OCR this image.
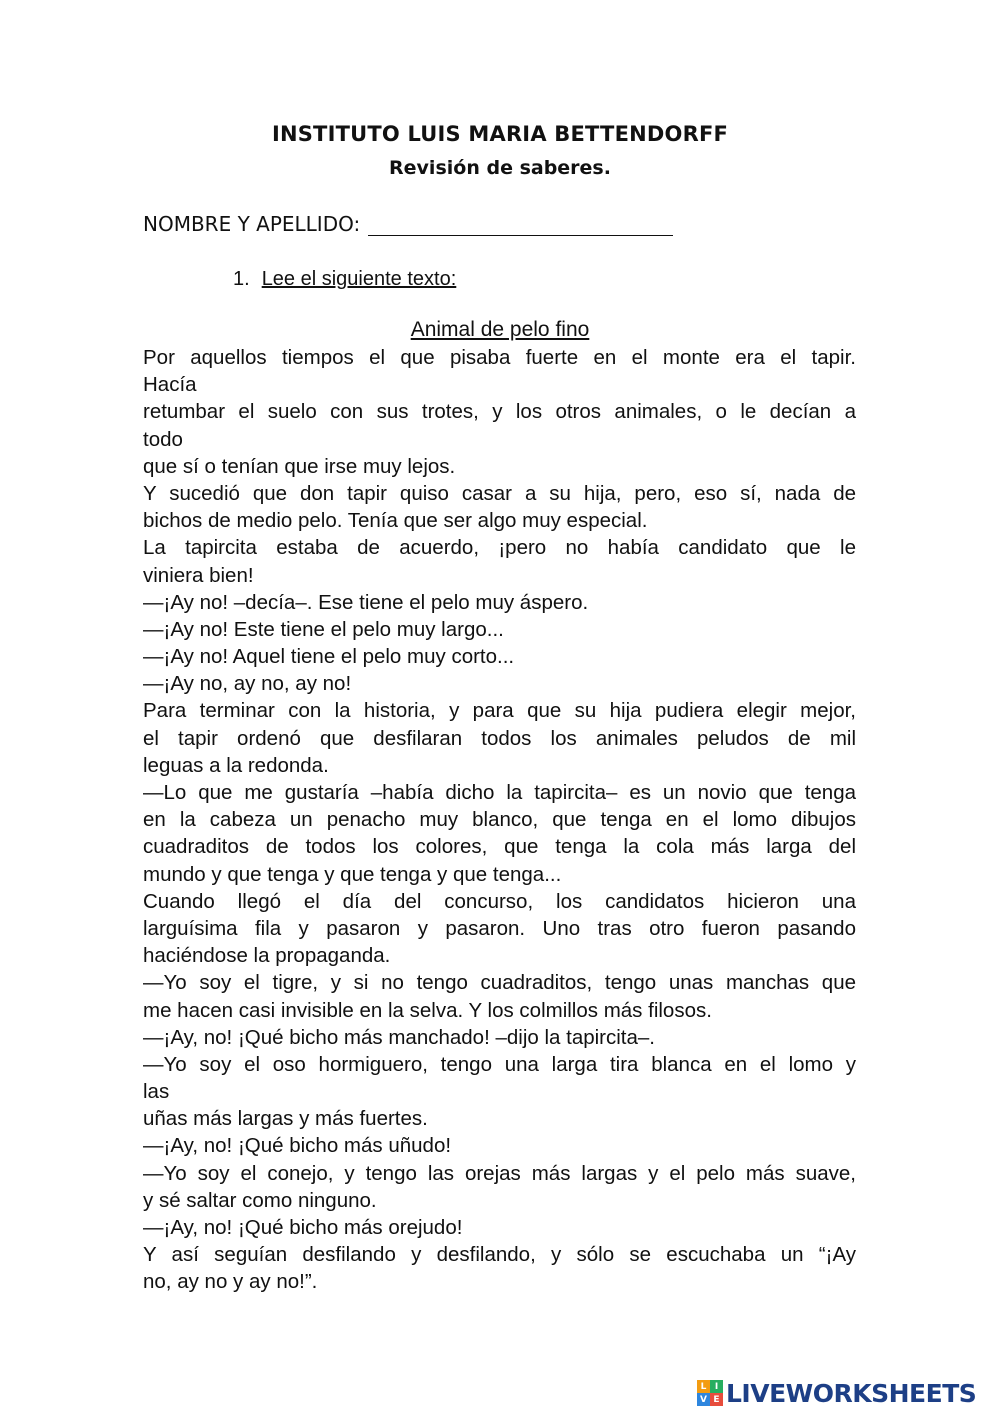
INSTITUTO LUIS MARIA BETTENDORFF
Revisión de saberes.
NOMBRE Y APELLIDO:
1. Lee el siguiente texto:
Animal de pelo fino
Por aquellos tiempos el que pisaba fuerte en el monte era el tapir.
Hacía
retumbar el suelo con sus trotes, y los otros animales, o le decían a
todo
que sí o tenían que irse muy lejos.
Y sucedió que don tapir quiso casar a su hija, pero, eso sí, nada de
bichos de medio pelo. Tenía que ser algo muy especial.
La tapircita estaba de acuerdo, ¡pero no había candidato que le
viniera bien!
—¡Ay no! –decía–. Ese tiene el pelo muy áspero.
—¡Ay no! Este tiene el pelo muy largo...
—¡Ay no! Aquel tiene el pelo muy corto...
—¡Ay no, ay no, ay no!
Para terminar con la historia, y para que su hija pudiera elegir mejor,
el tapir ordenó que desfilaran todos los animales peludos de mil
leguas a la redonda.
—Lo que me gustaría –había dicho la tapircita– es un novio que tenga
en la cabeza un penacho muy blanco, que tenga en el lomo dibujos
cuadraditos de todos los colores, que tenga la cola más larga del
mundo y que tenga y que tenga y que tenga...
Cuando llegó el día del concurso, los candidatos hicieron una
larguísima fila y pasaron y pasaron. Uno tras otro fueron pasando
haciéndose la propaganda.
—Yo soy el tigre, y si no tengo cuadraditos, tengo unas manchas que
me hacen casi invisible en la selva. Y los colmillos más filosos.
—¡Ay, no! ¡Qué bicho más manchado! –dijo la tapircita–.
—Yo soy el oso hormiguero, tengo una larga tira blanca en el lomo y
las
uñas más largas y más fuertes.
—¡Ay, no! ¡Qué bicho más uñudo!
—Yo soy el conejo, y tengo las orejas más largas y el pelo más suave,
y sé saltar como ninguno.
—¡Ay, no! ¡Qué bicho más orejudo!
Y así seguían desfilando y desfilando, y sólo se escuchaba un “¡Ay
no, ay no y ay no!”.
L I
V E LIVEWORKSHEETS
